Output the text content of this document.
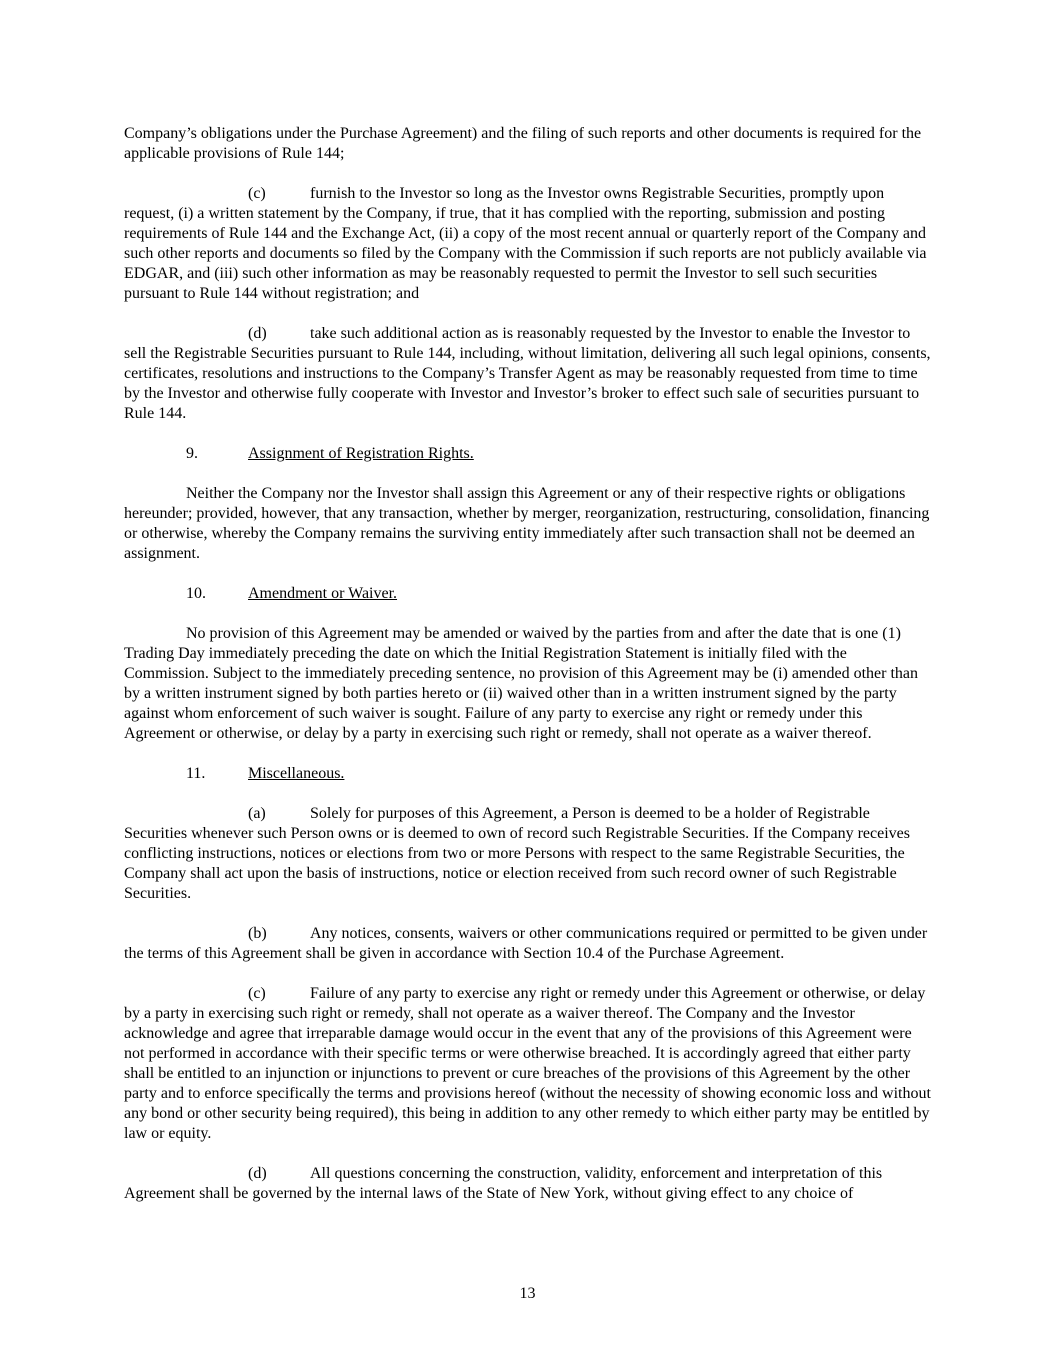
Company’s obligations under the Purchase Agreement) and the filing of such reports and other documents is required for the applicable provisions of Rule 144;

(c)	furnish to the Investor so long as the Investor owns Registrable Securities, promptly upon request, (i) a written statement by the Company, if true, that it has complied with the reporting, submission and posting requirements of Rule 144 and the Exchange Act, (ii) a copy of the most recent annual or quarterly report of the Company and such other reports and documents so filed by the Company with the Commission if such reports are not publicly available via EDGAR, and (iii) such other information as may be reasonably requested to permit the Investor to sell such securities pursuant to Rule 144 without registration; and

(d)	take such additional action as is reasonably requested by the Investor to enable the Investor to sell the Registrable Securities pursuant to Rule 144, including, without limitation, delivering all such legal opinions, consents, certificates, resolutions and instructions to the Company’s Transfer Agent as may be reasonably requested from time to time by the Investor and otherwise fully cooperate with Investor and Investor’s broker to effect such sale of securities pursuant to Rule 144.

9.	Assignment of Registration Rights.

Neither the Company nor the Investor shall assign this Agreement or any of their respective rights or obligations hereunder; provided, however, that any transaction, whether by merger, reorganization, restructuring, consolidation, financing or otherwise, whereby the Company remains the surviving entity immediately after such transaction shall not be deemed an assignment.

10.	Amendment or Waiver.

No provision of this Agreement may be amended or waived by the parties from and after the date that is one (1) Trading Day immediately preceding the date on which the Initial Registration Statement is initially filed with the Commission. Subject to the immediately preceding sentence, no provision of this Agreement may be (i) amended other than by a written instrument signed by both parties hereto or (ii) waived other than in a written instrument signed by the party against whom enforcement of such waiver is sought. Failure of any party to exercise any right or remedy under this Agreement or otherwise, or delay by a party in exercising such right or remedy, shall not operate as a waiver thereof.

11.	Miscellaneous.

(a)	Solely for purposes of this Agreement, a Person is deemed to be a holder of Registrable Securities whenever such Person owns or is deemed to own of record such Registrable Securities. If the Company receives conflicting instructions, notices or elections from two or more Persons with respect to the same Registrable Securities, the Company shall act upon the basis of instructions, notice or election received from such record owner of such Registrable Securities.

(b)	Any notices, consents, waivers or other communications required or permitted to be given under the terms of this Agreement shall be given in accordance with Section 10.4 of the Purchase Agreement.

(c)	Failure of any party to exercise any right or remedy under this Agreement or otherwise, or delay by a party in exercising such right or remedy, shall not operate as a waiver thereof. The Company and the Investor acknowledge and agree that irreparable damage would occur in the event that any of the provisions of this Agreement were not performed in accordance with their specific terms or were otherwise breached. It is accordingly agreed that either party shall be entitled to an injunction or injunctions to prevent or cure breaches of the provisions of this Agreement by the other party and to enforce specifically the terms and provisions hereof (without the necessity of showing economic loss and without any bond or other security being required), this being in addition to any other remedy to which either party may be entitled by law or equity.

(d)	All questions concerning the construction, validity, enforcement and interpretation of this Agreement shall be governed by the internal laws of the State of New York, without giving effect to any choice of

13
